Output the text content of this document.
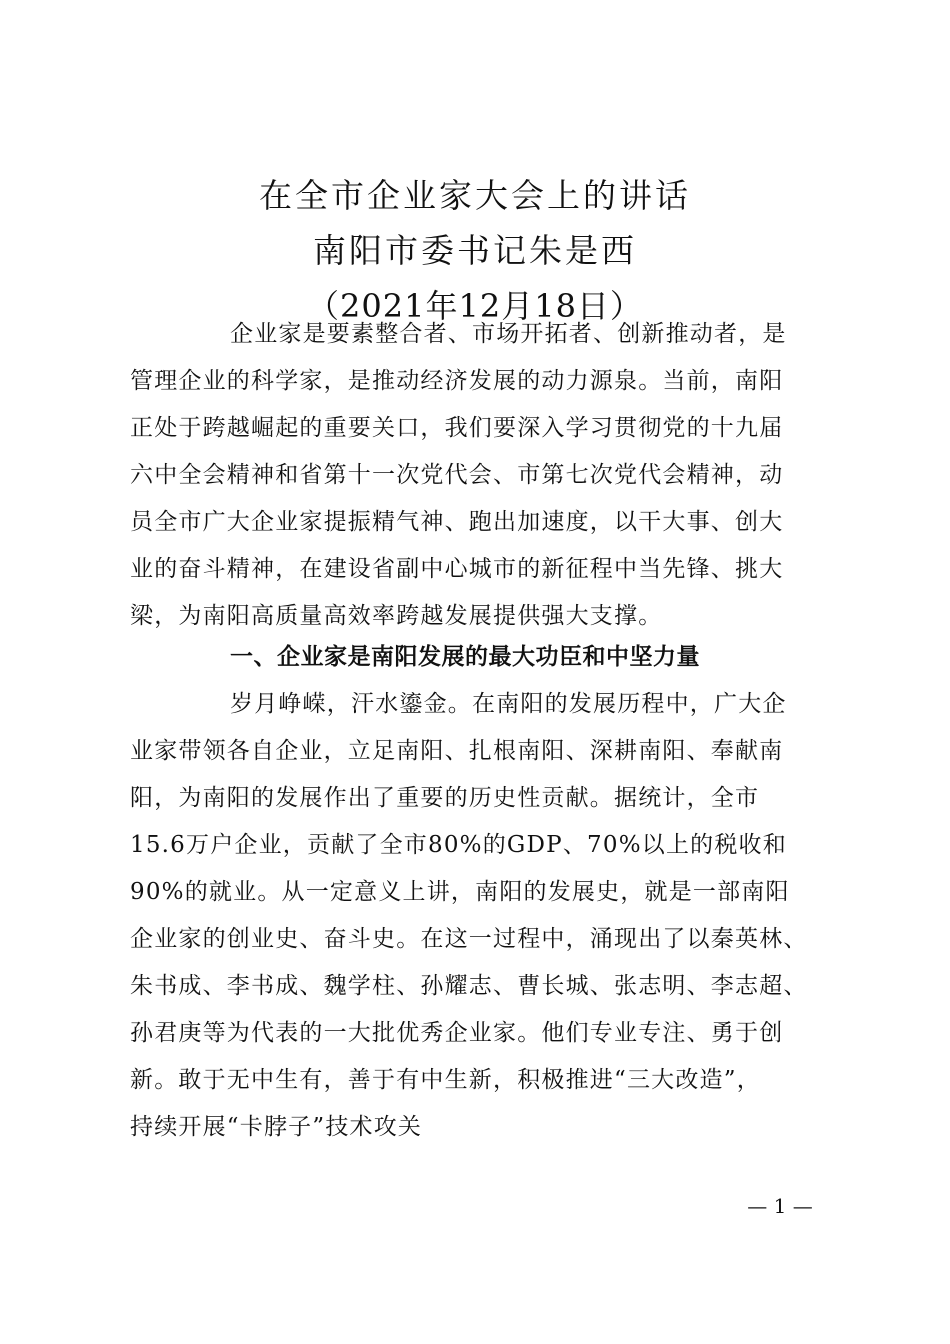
在全市企业家大会上的讲话
南阳市委书记朱是西
（2021年12月18日）
企业家是要素整合者、市场开拓者、创新推动者，是
管理企业的科学家，是推动经济发展的动力源泉。当前，南阳
正处于跨越崛起的重要关口，我们要深入学习贯彻党的十九届
六中全会精神和省第十一次党代会、市第七次党代会精神，动
员全市广大企业家提振精气神、跑出加速度，以干大事、创大
业的奋斗精神，在建设省副中心城市的新征程中当先锋、挑大
梁，为南阳高质量高效率跨越发展提供强大支撑。
一、企业家是南阳发展的最大功臣和中坚力量
岁月峥嵘，汗水鎏金。在南阳的发展历程中，广大企
业家带领各自企业，立足南阳、扎根南阳、深耕南阳、奉献南
阳，为南阳的发展作出了重要的历史性贡献。据统计，全市
15.6万户企业，贡献了全市80%的GDP、70%以上的税收和
90%的就业。从一定意义上讲，南阳的发展史，就是一部南阳
企业家的创业史、奋斗史。在这一过程中，涌现出了以秦英林、
朱书成、李书成、魏学柱、孙耀志、曹长城、张志明、李志超、
孙君庚等为代表的一大批优秀企业家。他们专业专注、勇于创
新。敢于无中生有，善于有中生新，积极推进“三大改造”，
持续开展“卡脖子”技术攻关
— 1 —
